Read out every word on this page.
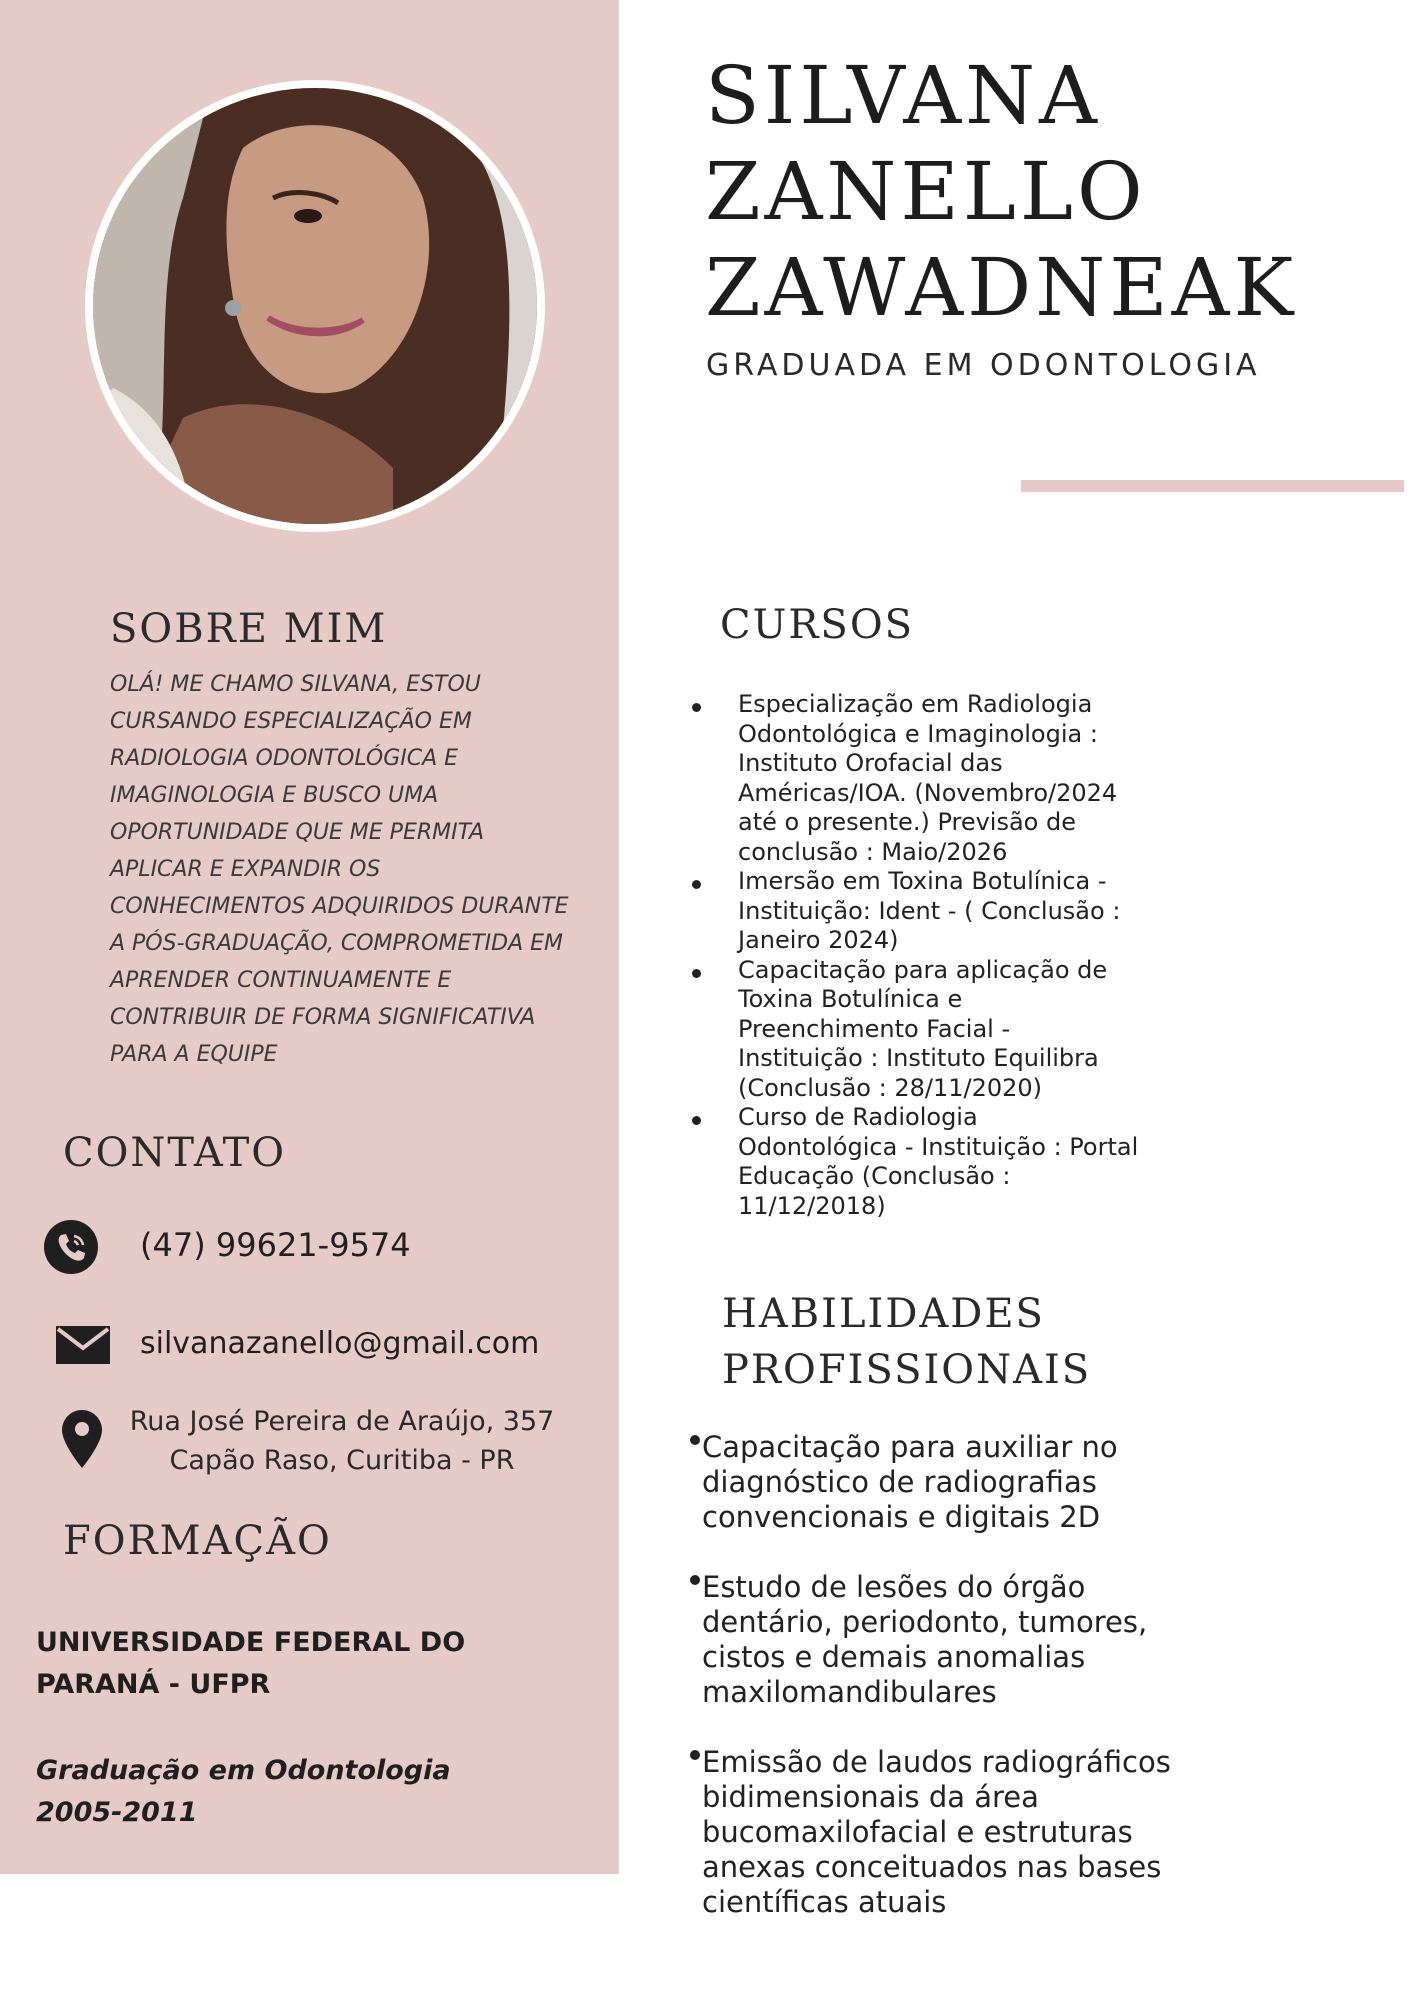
SOBRE MIM
OLÁ! ME CHAMO SILVANA, ESTOU CURSANDO ESPECIALIZAÇÃO EM RADIOLOGIA ODONTOLÓGICA E IMAGINOLOGIA E BUSCO UMA OPORTUNIDADE QUE ME PERMITA APLICAR E EXPANDIR OS CONHECIMENTOS ADQUIRIDOS DURANTE A PÓS-GRADUAÇÃO, COMPROMETIDA EM APRENDER CONTINUAMENTE E CONTRIBUIR DE FORMA SIGNIFICATIVA PARA A EQUIPE
CONTATO
(47) 99621-9574
silvanazanello@gmail.com
Rua José Pereira de Araújo, 357
Capão Raso, Curitiba - PR
FORMAÇÃO
UNIVERSIDADE FEDERAL DO
PARANÁ - UFPR
Graduação em Odontologia
2005-2011
SILVANA
ZANELLO
ZAWADNEAK
GRADUADA EM ODONTOLOGIA
CURSOS
Especialização em Radiologia Odontológica e Imaginologia : Instituto Orofacial das Américas/IOA. (Novembro/2024 até o presente.) Previsão de conclusão : Maio/2026
Imersão em Toxina Botulínica - Instituição: Ident - ( Conclusão : Janeiro 2024)
Capacitação para aplicação de Toxina Botulínica e Preenchimento Facial - Instituição : Instituto Equilibra (Conclusão : 28/11/2020)
Curso de Radiologia Odontológica - Instituição : Portal Educação (Conclusão : 11/12/2018)
HABILIDADES
PROFISSIONAIS
Capacitação para auxiliar no diagnóstico de radiografias convencionais e digitais 2D
Estudo de lesões do órgão dentário, periodonto, tumores, cistos e demais anomalias maxilomandibulares
Emissão de laudos radiográficos bidimensionais da área bucomaxilofacial e estruturas anexas conceituados nas bases científicas atuais
